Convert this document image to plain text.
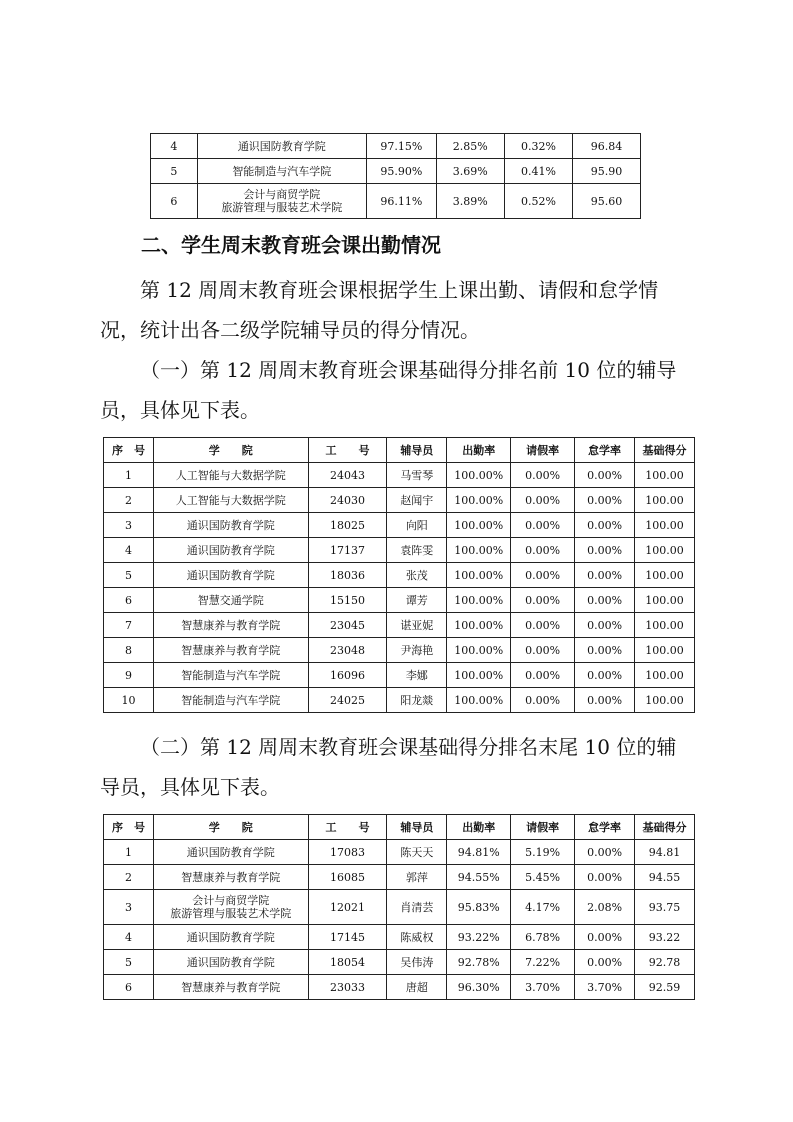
4	通识国防教育学院	97.15%	2.85%	0.32%	96.84
5	智能制造与汽车学院	95.90%	3.69%	0.41%	95.90
6	会计与商贸学院
旅游管理与服装艺术学院	96.11%	3.89%	0.52%	95.60

二、学生周末教育班会课出勤情况

第 12 周周末教育班会课根据学生上课出勤、请假和怠学情况，统计出各二级学院辅导员的得分情况。

（一）第 12 周周末教育班会课基础得分排名前 10 位的辅导员，具体见下表。

序　号	学　　院	工　　号	辅导员	出勤率	请假率	怠学率	基础得分
1	人工智能与大数据学院	24043	马雪琴	100.00%	0.00%	0.00%	100.00
2	人工智能与大数据学院	24030	赵闻宇	100.00%	0.00%	0.00%	100.00
3	通识国防教育学院	18025	向阳	100.00%	0.00%	0.00%	100.00
4	通识国防教育学院	17137	袁阵雯	100.00%	0.00%	0.00%	100.00
5	通识国防教育学院	18036	张茂	100.00%	0.00%	0.00%	100.00
6	智慧交通学院	15150	谭芳	100.00%	0.00%	0.00%	100.00
7	智慧康养与教育学院	23045	谌亚妮	100.00%	0.00%	0.00%	100.00
8	智慧康养与教育学院	23048	尹海艳	100.00%	0.00%	0.00%	100.00
9	智能制造与汽车学院	16096	李娜	100.00%	0.00%	0.00%	100.00
10	智能制造与汽车学院	24025	阳龙燚	100.00%	0.00%	0.00%	100.00

（二）第 12 周周末教育班会课基础得分排名末尾 10 位的辅导员，具体见下表。

序　号	学　　院	工　　号	辅导员	出勤率	请假率	怠学率	基础得分
1	通识国防教育学院	17083	陈天天	94.81%	5.19%	0.00%	94.81
2	智慧康养与教育学院	16085	郭萍	94.55%	5.45%	0.00%	94.55
3	会计与商贸学院
旅游管理与服装艺术学院	12021	肖清芸	95.83%	4.17%	2.08%	93.75
4	通识国防教育学院	17145	陈威权	93.22%	6.78%	0.00%	93.22
5	通识国防教育学院	18054	吴伟涛	92.78%	7.22%	0.00%	92.78
6	智慧康养与教育学院	23033	唐超	96.30%	3.70%	3.70%	92.59
